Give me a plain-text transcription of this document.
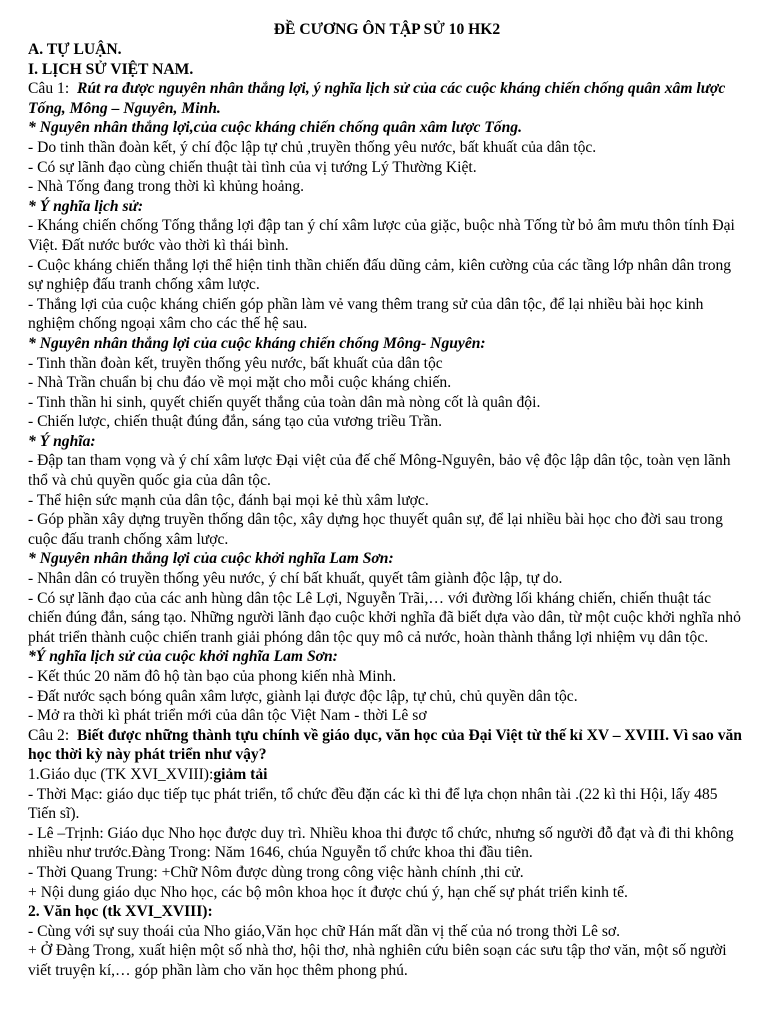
ĐỀ CƯƠNG ÔN TẬP SỬ 10 HK2

A. TỰ LUẬN.

I. LỊCH SỬ VIỆT NAM.

Câu 1: Rút ra được nguyên nhân thắng lợi, ý nghĩa lịch sử của các cuộc kháng chiến chống quân xâm lược Tống, Mông – Nguyên, Minh.

* Nguyên nhân thắng lợi,của cuộc kháng chiến chống quân xâm lược Tống.

- Do tinh thần đoàn kết, ý chí độc lập tự chủ ,truyền thống yêu nước, bất khuất của dân tộc.

- Có sự lãnh đạo cùng chiến thuật tài tình của vị tướng Lý Thường Kiệt.

- Nhà Tống đang trong thời kì khủng hoảng.

* Ý nghĩa lịch sử:

- Kháng chiến chống Tống thắng lợi đập tan ý chí xâm lược của giặc, buộc nhà Tống từ bỏ âm mưu thôn tính Đại Việt. Đất nước bước vào thời kì thái bình.

- Cuộc kháng chiến thắng lợi thể hiện tinh thần chiến đấu dũng cảm, kiên cường của các tầng lớp nhân dân trong sự nghiệp đấu tranh chống xâm lược.

- Thắng lợi của cuộc kháng chiến góp phần làm vẻ vang thêm trang sử của dân tộc, để lại nhiều bài học kinh nghiệm chống ngoại xâm cho các thế hệ sau.

* Nguyên nhân thắng lợi của cuộc kháng chiến chống Mông- Nguyên:

- Tinh thần đoàn kết, truyền thống yêu nước, bất khuất của dân tộc

- Nhà Trần chuẩn bị chu đáo về mọi mặt cho mỗi cuộc kháng chiến.

- Tinh thần hi sinh, quyết chiến quyết thắng của toàn dân mà nòng cốt là quân đội.

- Chiến lược, chiến thuật đúng đắn, sáng tạo của vương triều Trần.

* Ý nghĩa:

- Đập tan tham vọng và ý chí xâm lược Đại việt của đế chế Mông-Nguyên, bảo vệ độc lập dân tộc, toàn vẹn lãnh thổ và chủ quyền quốc gia của dân tộc.

- Thể hiện sức mạnh của dân tộc, đánh bại mọi kẻ thù xâm lược.

- Góp phần xây dựng truyền thống dân tộc, xây dựng học thuyết quân sự, để lại nhiều bài học cho đời sau trong cuộc đấu tranh chống xâm lược.

* Nguyên nhân thắng lợi của cuộc khởi nghĩa Lam Sơn:

- Nhân dân có truyền thống yêu nước, ý chí bất khuất, quyết tâm giành độc lập, tự do.

- Có sự lãnh đạo của các anh hùng dân tộc Lê Lợi, Nguyễn Trãi,… với đường lối kháng chiến, chiến thuật tác chiến đúng đắn, sáng tạo. Những người lãnh đạo cuộc khởi nghĩa đã biết dựa vào dân, từ một cuộc khởi nghĩa nhỏ phát triển thành cuộc chiến tranh giải phóng dân tộc quy mô cả nước, hoàn thành thắng lợi nhiệm vụ dân tộc.

*Ý nghĩa lịch sử của cuộc khởi nghĩa Lam Sơn:

- Kết thúc 20 năm đô hộ tàn bạo của phong kiến nhà Minh.

- Đất nước sạch bóng quân xâm lược, giành lại được độc lập, tự chủ, chủ quyền dân tộc.

- Mở ra thời kì phát triển mới của dân tộc Việt Nam - thời Lê sơ

Câu 2: Biết được những thành tựu chính về giáo dục, văn học của Đại Việt từ thế kỉ XV – XVIII. Vì sao văn học thời kỳ này phát triển như vậy?

1.Giáo dục (TK XVI_XVIII):giảm tải

- Thời Mạc: giáo dục tiếp tục phát triển, tổ chức đều đặn các kì thi để lựa chọn nhân tài .(22 kì thi Hội, lấy 485 Tiến sĩ).

- Lê –Trịnh: Giáo dục Nho học được duy trì. Nhiều khoa thi được tổ chức, nhưng số người đỗ đạt và đi thi không nhiều như trước.Đàng Trong: Năm 1646, chúa Nguyễn tổ chức khoa thi đầu tiên.

- Thời Quang Trung: +Chữ Nôm được dùng trong công việc hành chính ,thi cử.

+ Nội dung giáo dục Nho học, các bộ môn khoa học ít được chú ý, hạn chế sự phát triển kinh tế.

2. Văn học (tk XVI_XVIII):

- Cùng với sự suy thoái của Nho giáo,Văn học chữ Hán mất dần vị thế của nó trong thời Lê sơ.

+ Ở Đàng Trong, xuất hiện một số nhà thơ, hội thơ, nhà nghiên cứu biên soạn các sưu tập thơ văn, một số người viết truyện kí,… góp phần làm cho văn học thêm phong phú.
